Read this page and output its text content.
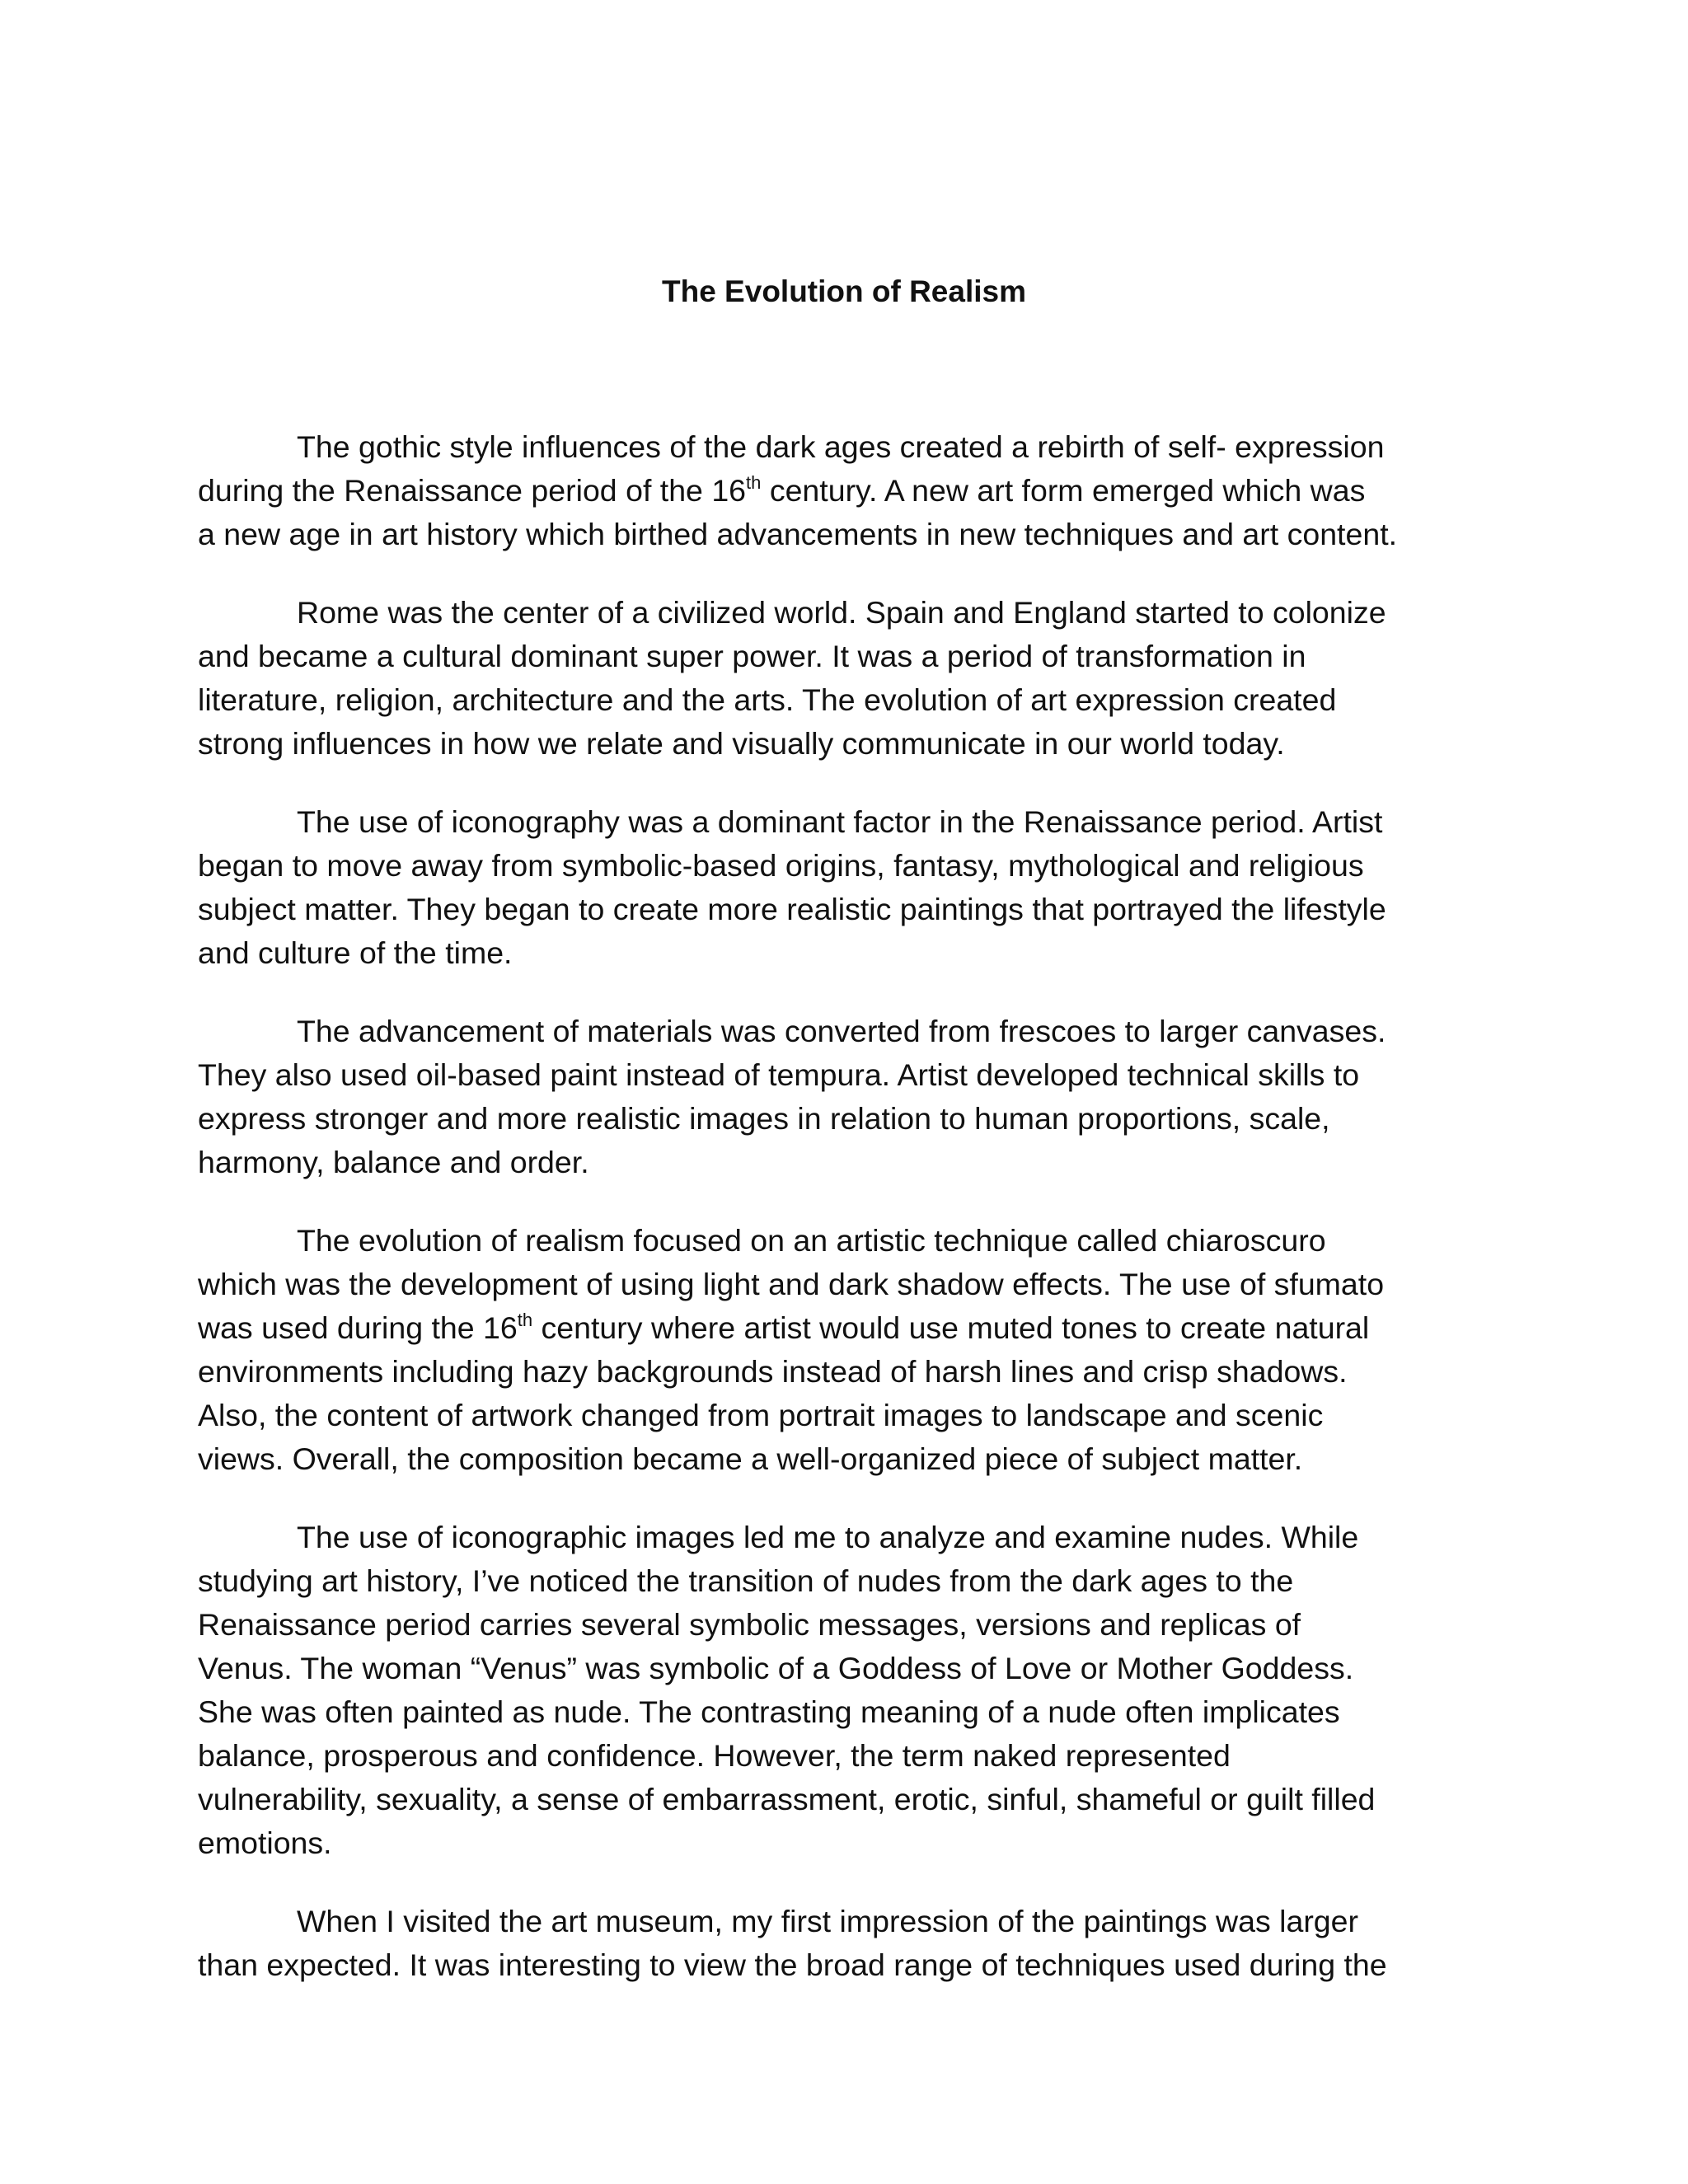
The Evolution of Realism

The gothic style influences of the dark ages created a rebirth of self- expression
during the Renaissance period of the 16th century. A new art form emerged which was
a new age in art history which birthed advancements in new techniques and art content.

Rome was the center of a civilized world. Spain and England started to colonize
and became a cultural dominant super power. It was a period of transformation in
literature, religion, architecture and the arts. The evolution of art expression created
strong influences in how we relate and visually communicate in our world today.

The use of iconography was a dominant factor in the Renaissance period. Artist
began to move away from symbolic-based origins, fantasy, mythological and religious
subject matter. They began to create more realistic paintings that portrayed the lifestyle
and culture of the time.

The advancement of materials was converted from frescoes to larger canvases.
They also used oil-based paint instead of tempura. Artist developed technical skills to
express stronger and more realistic images in relation to human proportions, scale,
harmony, balance and order.

The evolution of realism focused on an artistic technique called chiaroscuro
which was the development of using light and dark shadow effects. The use of sfumato
was used during the 16th century where artist would use muted tones to create natural
environments including hazy backgrounds instead of harsh lines and crisp shadows.
Also, the content of artwork changed from portrait images to landscape and scenic
views. Overall, the composition became a well-organized piece of subject matter.

The use of iconographic images led me to analyze and examine nudes. While
studying art history, I’ve noticed the transition of nudes from the dark ages to the
Renaissance period carries several symbolic messages, versions and replicas of
Venus. The woman “Venus” was symbolic of a Goddess of Love or Mother Goddess.
She was often painted as nude. The contrasting meaning of a nude often implicates
balance, prosperous and confidence. However, the term naked represented
vulnerability, sexuality, a sense of embarrassment, erotic, sinful, shameful or guilt filled
emotions.

When I visited the art museum, my first impression of the paintings was larger
than expected. It was interesting to view the broad range of techniques used during the
